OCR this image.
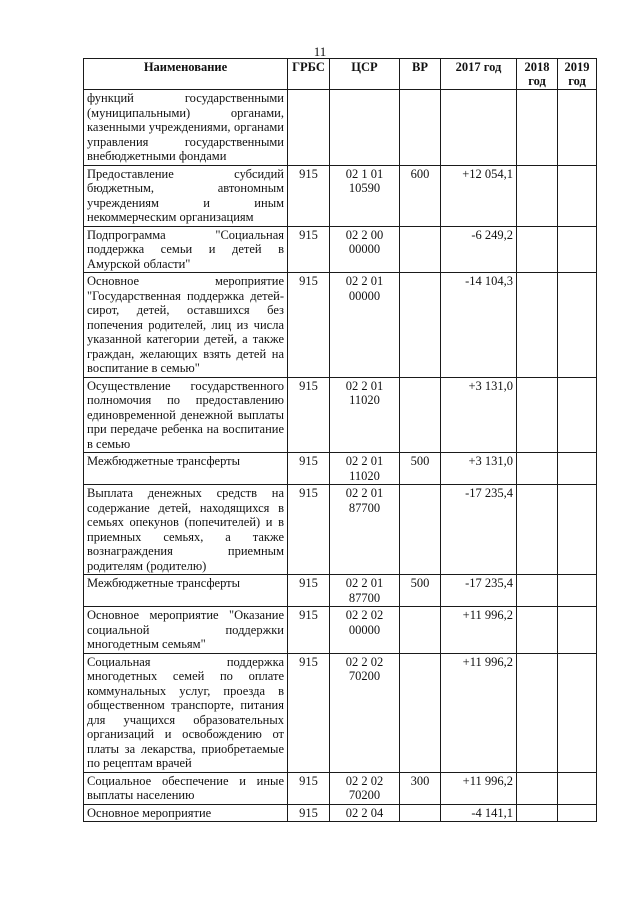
11
Наименование	ГРБС	ЦСР	ВР	2017 год	2018 год	2019 год
функций государственными (муниципальными) органами, казенными учреждениями, органами управления государственными внебюджетными фондами						
Предоставление субсидий бюджетным, автономным учреждениям и иным некоммерческим организациям	915	02 1 01 10590	600	+12 054,1		
Подпрограмма "Социальная поддержка семьи и детей в Амурской области"	915	02 2 00 00000		-6 249,2		
Основное мероприятие "Государственная поддержка детей-сирот, детей, оставшихся без попечения родителей, лиц из числа указанной категории детей, а также граждан, желающих взять детей на воспитание в семью"	915	02 2 01 00000		-14 104,3		
Осуществление государственного полномочия по предоставлению единовременной денежной выплаты при передаче ребенка на воспитание в семью	915	02 2 01 11020		+3 131,0		
Межбюджетные трансферты	915	02 2 01 11020	500	+3 131,0		
Выплата денежных средств на содержание детей, находящихся в семьях опекунов (попечителей) и в приемных семьях, а также вознаграждения приемным родителям (родителю)	915	02 2 01 87700		-17 235,4		
Межбюджетные трансферты	915	02 2 01 87700	500	-17 235,4		
Основное мероприятие "Оказание социальной поддержки многодетным семьям"	915	02 2 02 00000		+11 996,2		
Социальная поддержка многодетных семей по оплате коммунальных услуг, проезда в общественном транспорте, питания для учащихся образовательных организаций и освобождению от платы за лекарства, приобретаемые по рецептам врачей	915	02 2 02 70200		+11 996,2		
Социальное обеспечение и иные выплаты населению	915	02 2 02 70200	300	+11 996,2		
Основное мероприятие	915	02 2 04		-4 141,1		
